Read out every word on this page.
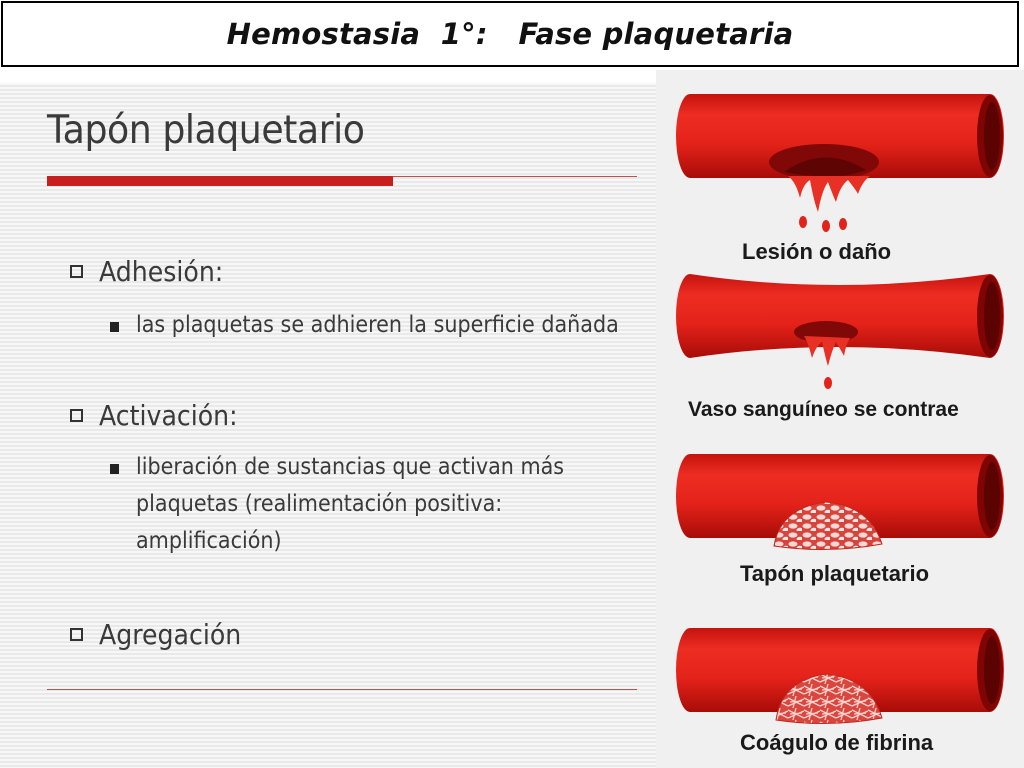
Hemostasia  1°:   Fase plaquetaria
Tapón plaquetario
Adhesión:
las plaquetas se adhieren la superficie dañada
Activación:
liberación de sustancias que activan más
plaquetas (realimentación positiva:
amplificación)
Agregación
Lesión o daño
Vaso sanguíneo se contrae
Tapón plaquetario
Coágulo de fibrina
